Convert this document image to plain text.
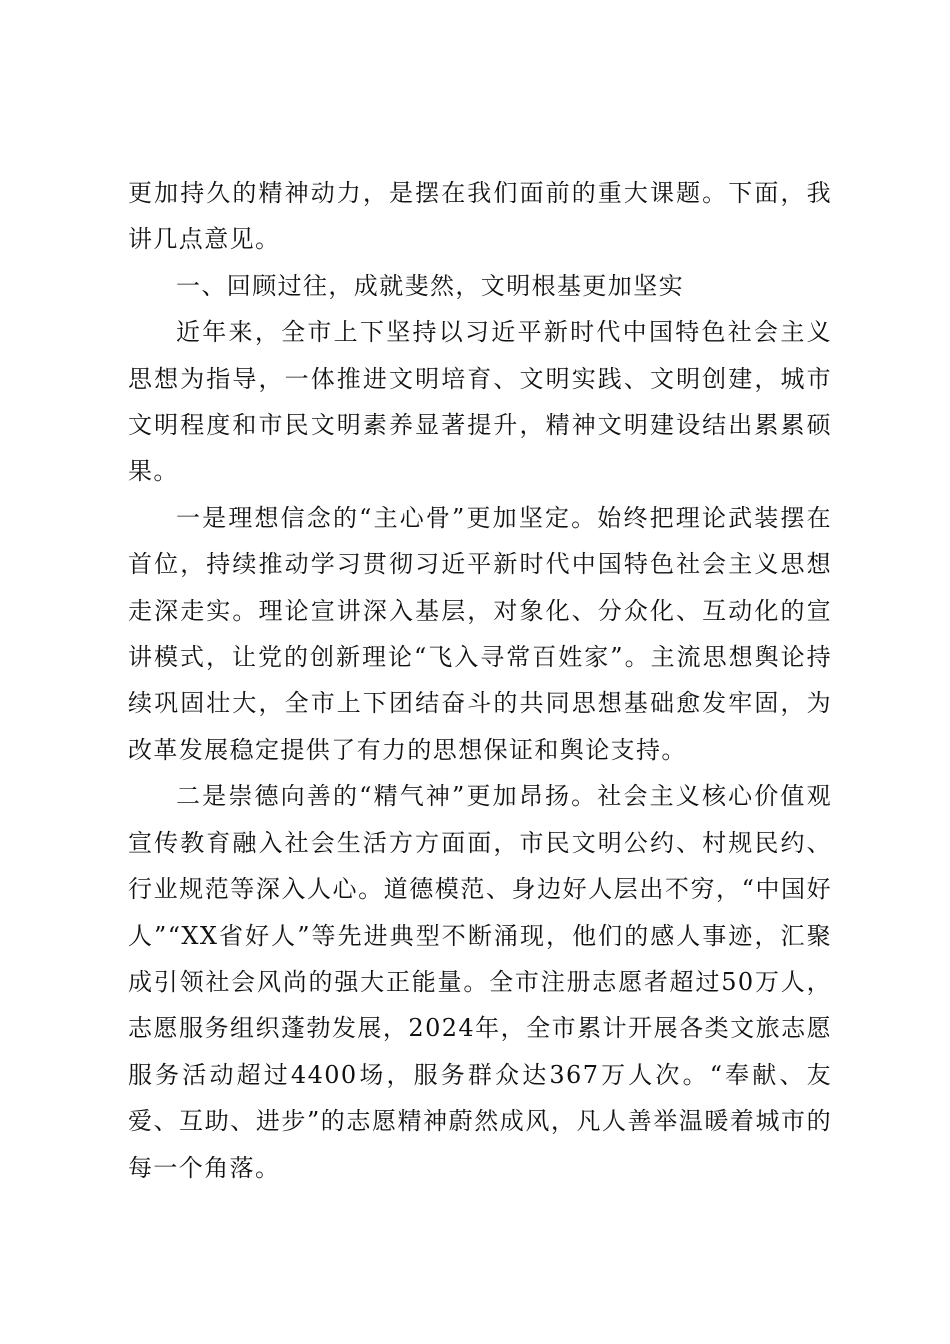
更加持久的精神动力，是摆在我们面前的重大课题。下面，我讲几点意见。

一、回顾过往，成就斐然，文明根基更加坚实

近年来，全市上下坚持以习近平新时代中国特色社会主义思想为指导，一体推进文明培育、文明实践、文明创建，城市文明程度和市民文明素养显著提升，精神文明建设结出累累硕果。

一是理想信念的“主心骨”更加坚定。始终把理论武装摆在首位，持续推动学习贯彻习近平新时代中国特色社会主义思想走深走实。理论宣讲深入基层，对象化、分众化、互动化的宣讲模式，让党的创新理论“飞入寻常百姓家”。主流思想舆论持续巩固壮大，全市上下团结奋斗的共同思想基础愈发牢固，为改革发展稳定提供了有力的思想保证和舆论支持。

二是崇德向善的“精气神”更加昂扬。社会主义核心价值观宣传教育融入社会生活方方面面，市民文明公约、村规民约、行业规范等深入人心。道德模范、身边好人层出不穷，“中国好人”“XX省好人”等先进典型不断涌现，他们的感人事迹，汇聚成引领社会风尚的强大正能量。全市注册志愿者超过50万人，志愿服务组织蓬勃发展，2024年，全市累计开展各类文旅志愿服务活动超过4400场，服务群众达367万人次。“奉献、友爱、互助、进步”的志愿精神蔚然成风，凡人善举温暖着城市的每一个角落。
